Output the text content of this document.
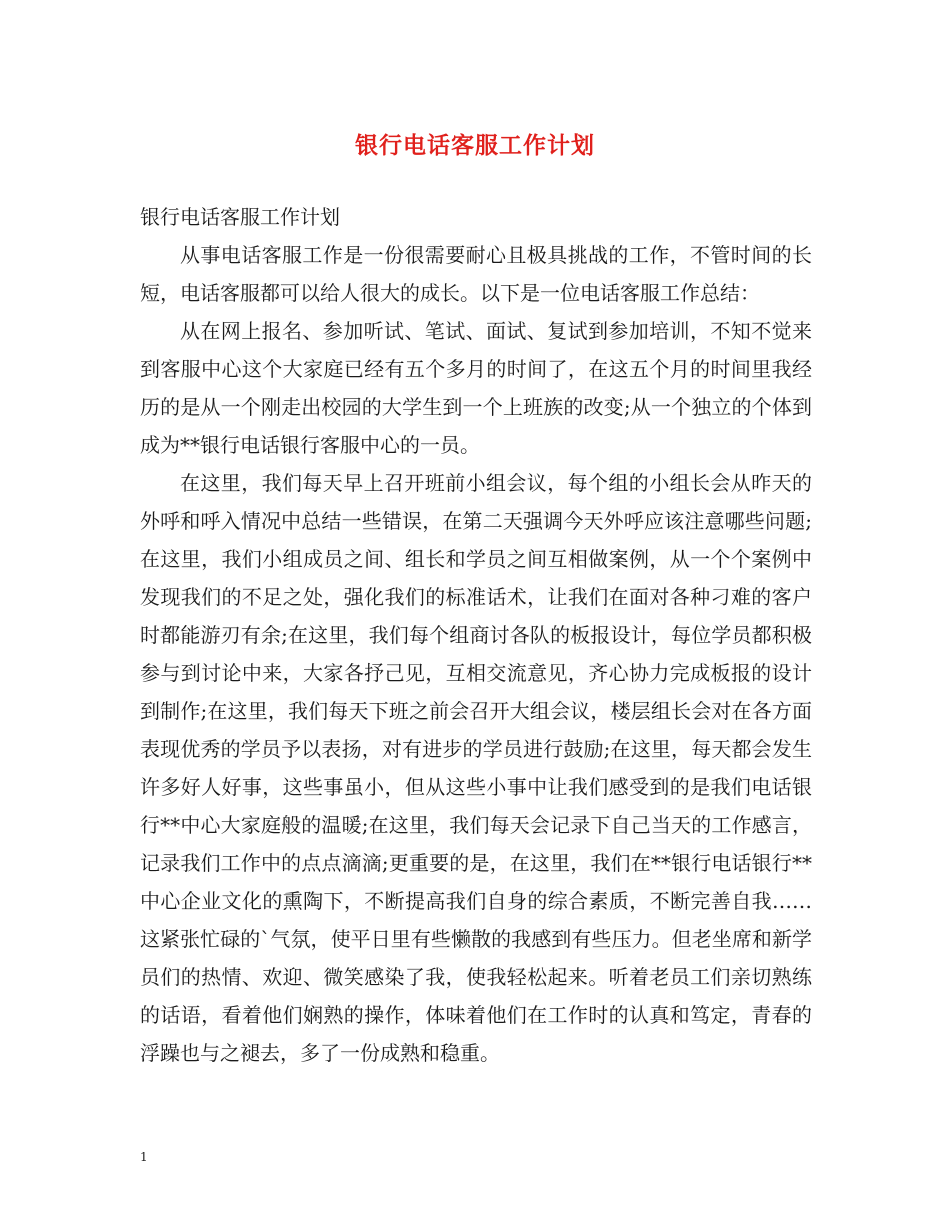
银行电话客服工作计划

银行电话客服工作计划

从事电话客服工作是一份很需要耐心且极具挑战的工作，不管时间的长短，电话客服都可以给人很大的成长。以下是一位电话客服工作总结：

从在网上报名、参加听试、笔试、面试、复试到参加培训，不知不觉来到客服中心这个大家庭已经有五个多月的时间了，在这五个月的时间里我经历的是从一个刚走出校园的大学生到一个上班族的改变;从一个独立的个体到成为**银行电话银行客服中心的一员。

在这里，我们每天早上召开班前小组会议，每个组的小组长会从昨天的外呼和呼入情况中总结一些错误，在第二天强调今天外呼应该注意哪些问题;在这里，我们小组成员之间、组长和学员之间互相做案例，从一个个案例中发现我们的不足之处，强化我们的标准话术，让我们在面对各种刁难的客户时都能游刃有余;在这里，我们每个组商讨各队的板报设计，每位学员都积极参与到讨论中来，大家各抒己见，互相交流意见，齐心协力完成板报的设计到制作;在这里，我们每天下班之前会召开大组会议，楼层组长会对在各方面表现优秀的学员予以表扬，对有进步的学员进行鼓励;在这里，每天都会发生许多好人好事，这些事虽小，但从这些小事中让我们感受到的是我们电话银行**中心大家庭般的温暖;在这里，我们每天会记录下自己当天的工作感言，记录我们工作中的点点滴滴;更重要的是，在这里，我们在**银行电话银行**中心企业文化的熏陶下，不断提高我们自身的综合素质，不断完善自我……这紧张忙碌的`气氛，使平日里有些懒散的我感到有些压力。但老坐席和新学员们的热情、欢迎、微笑感染了我，使我轻松起来。听着老员工们亲切熟练的话语，看着他们娴熟的操作，体味着他们在工作时的认真和笃定，青春的浮躁也与之褪去，多了一份成熟和稳重。

1
